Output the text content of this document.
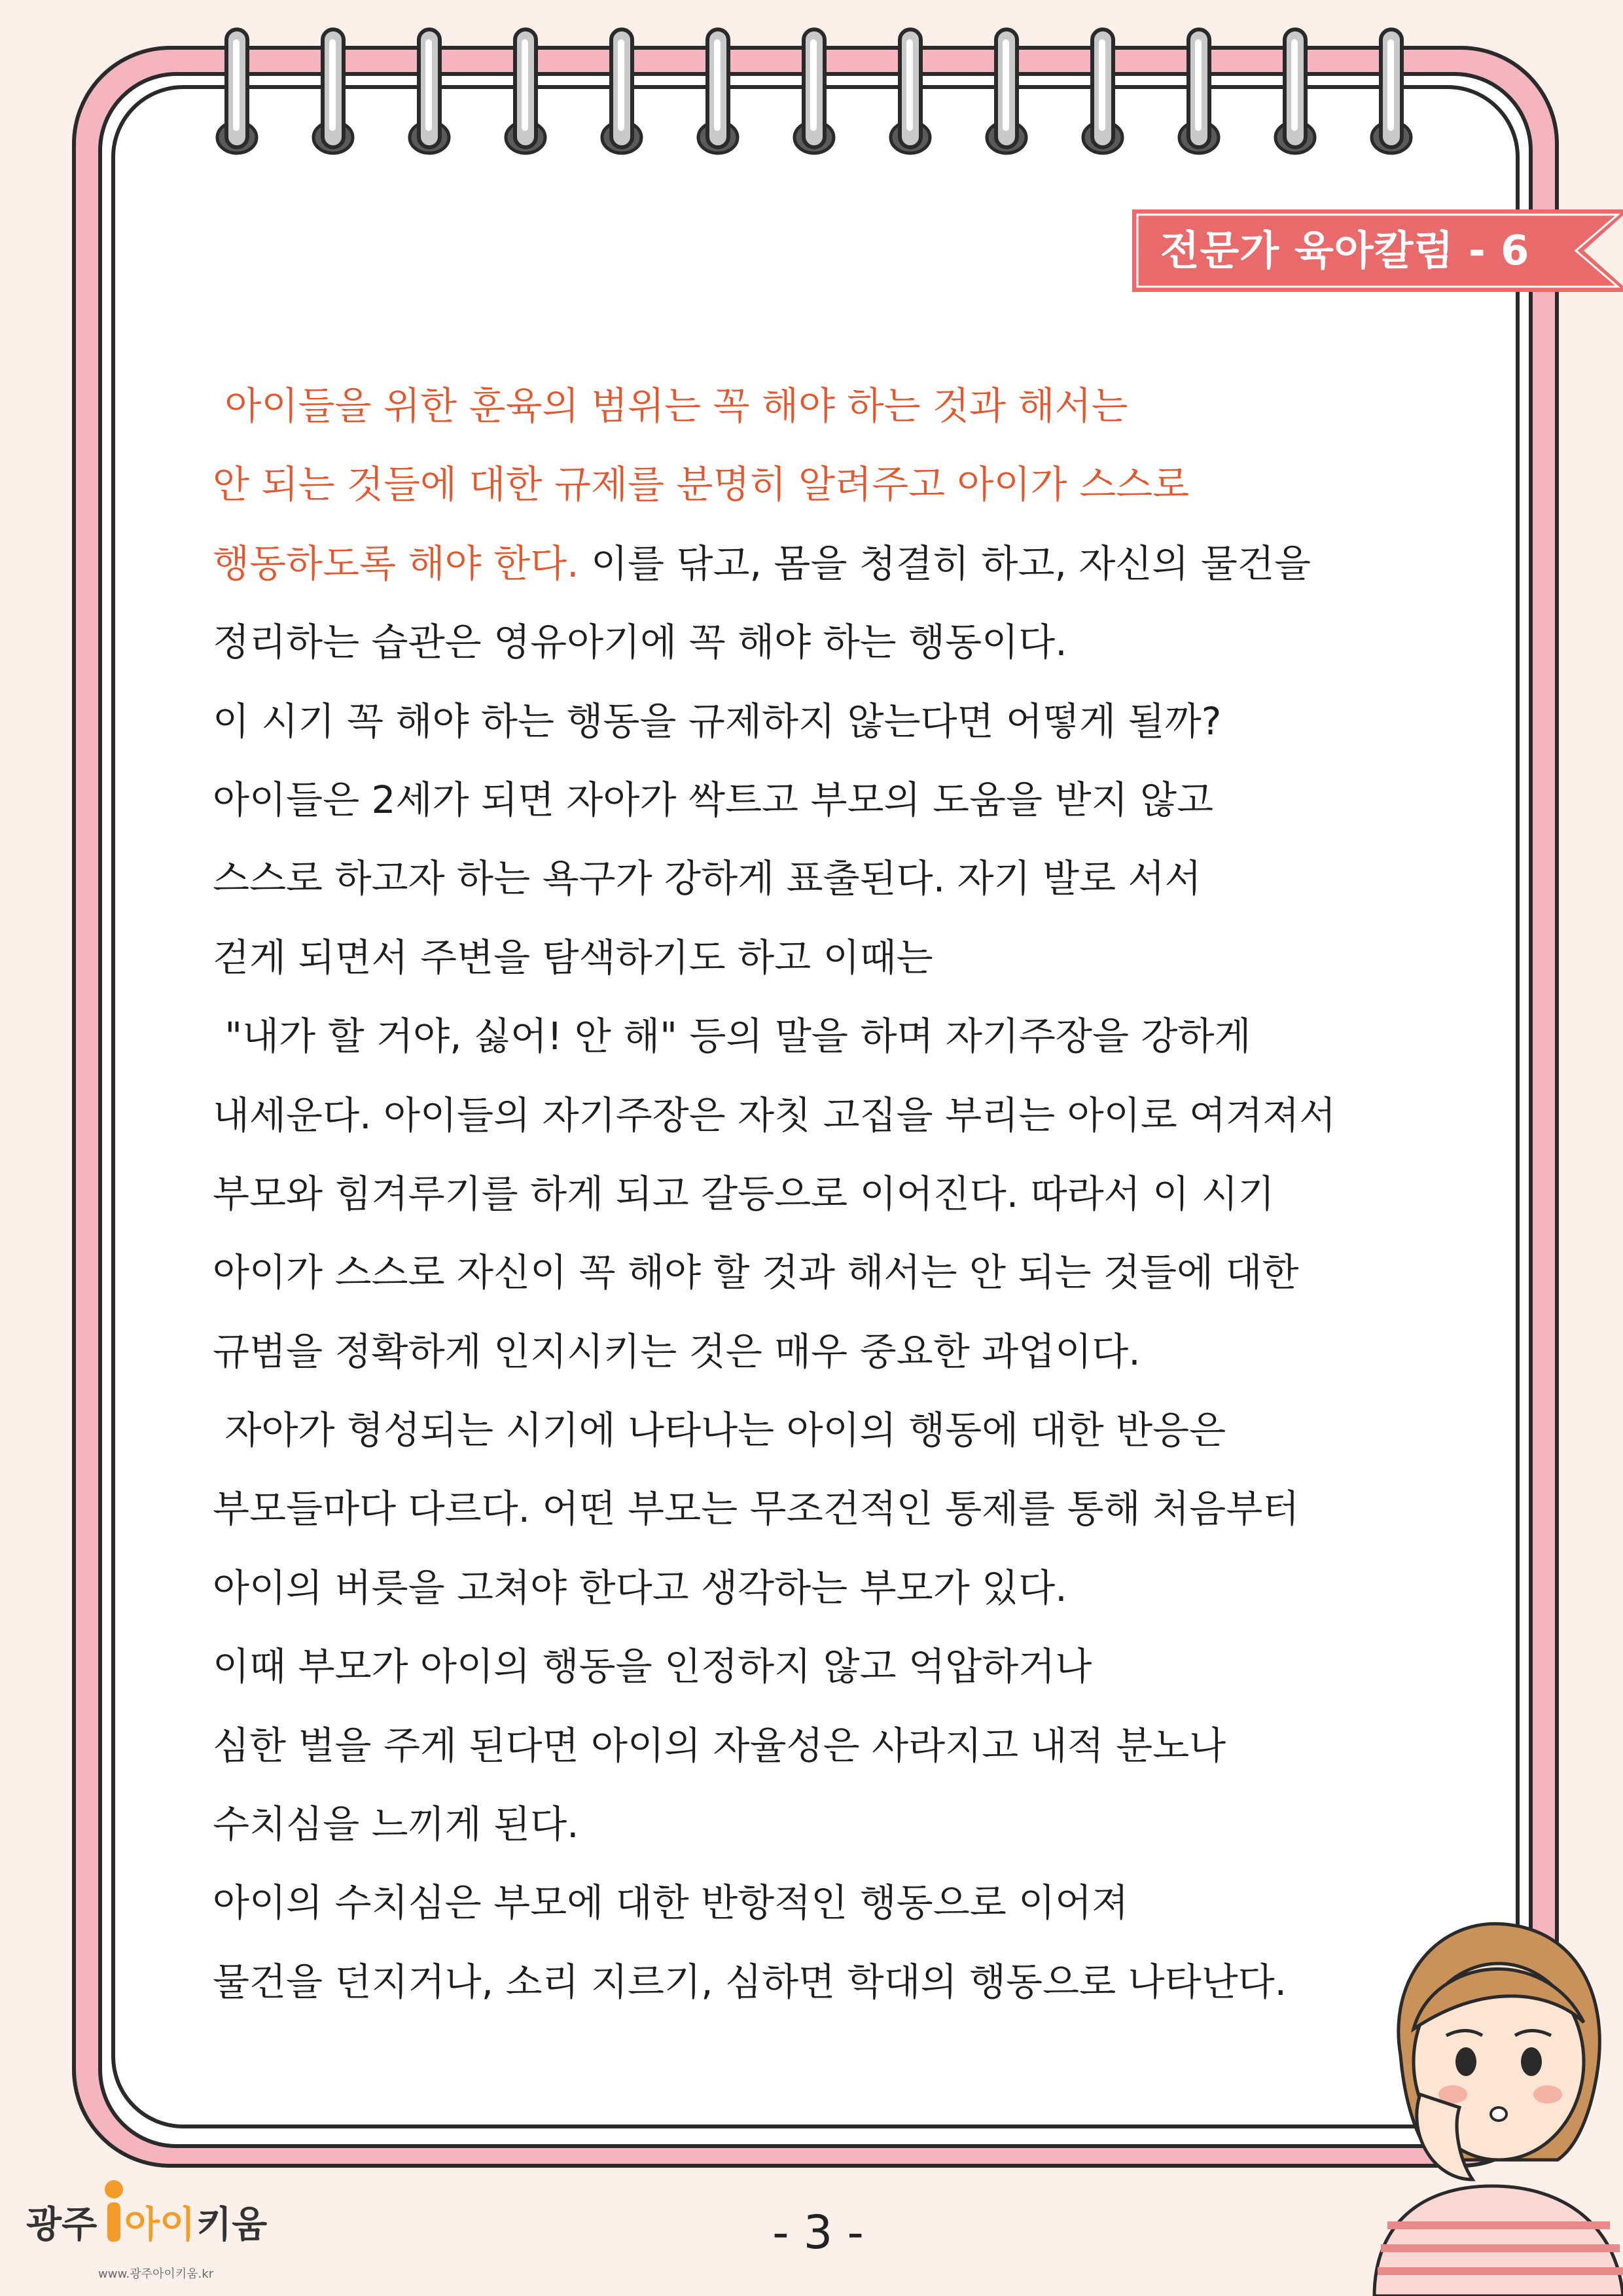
전문가 육아칼럼 - 6화
아이들을 위한 훈육의 범위는 꼭 해야 하는 것과 해서는
안 되는 것들에 대한 규제를 분명히 알려주고 아이가 스스로
행동하도록 해야 한다. 이를 닦고, 몸을 청결히 하고, 자신의 물건을
정리하는 습관은 영유아기에 꼭 해야 하는 행동이다.
이 시기 꼭 해야 하는 행동을 규제하지 않는다면 어떻게 될까?
아이들은 2세가 되면 자아가 싹트고 부모의 도움을 받지 않고
스스로 하고자 하는 욕구가 강하게 표출된다. 자기 발로 서서
걷게 되면서 주변을 탐색하기도 하고 이때는
"내가 할 거야, 싫어! 안 해" 등의 말을 하며 자기주장을 강하게
내세운다. 아이들의 자기주장은 자칫 고집을 부리는 아이로 여겨져서
부모와 힘겨루기를 하게 되고 갈등으로 이어진다. 따라서 이 시기
아이가 스스로 자신이 꼭 해야 할 것과 해서는 안 되는 것들에 대한
규범을 정확하게 인지시키는 것은 매우 중요한 과업이다.
자아가 형성되는 시기에 나타나는 아이의 행동에 대한 반응은
부모들마다 다르다. 어떤 부모는 무조건적인 통제를 통해 처음부터
아이의 버릇을 고쳐야 한다고 생각하는 부모가 있다.
이때 부모가 아이의 행동을 인정하지 않고 억압하거나
심한 벌을 주게 된다면 아이의 자율성은 사라지고 내적 분노나
수치심을 느끼게 된다.
아이의 수치심은 부모에 대한 반항적인 행동으로 이어져
물건을 던지거나, 소리 지르기, 심하면 학대의 행동으로 나타난다.
광주 아이 키움
www.광주아이키움.kr
- 3 -
